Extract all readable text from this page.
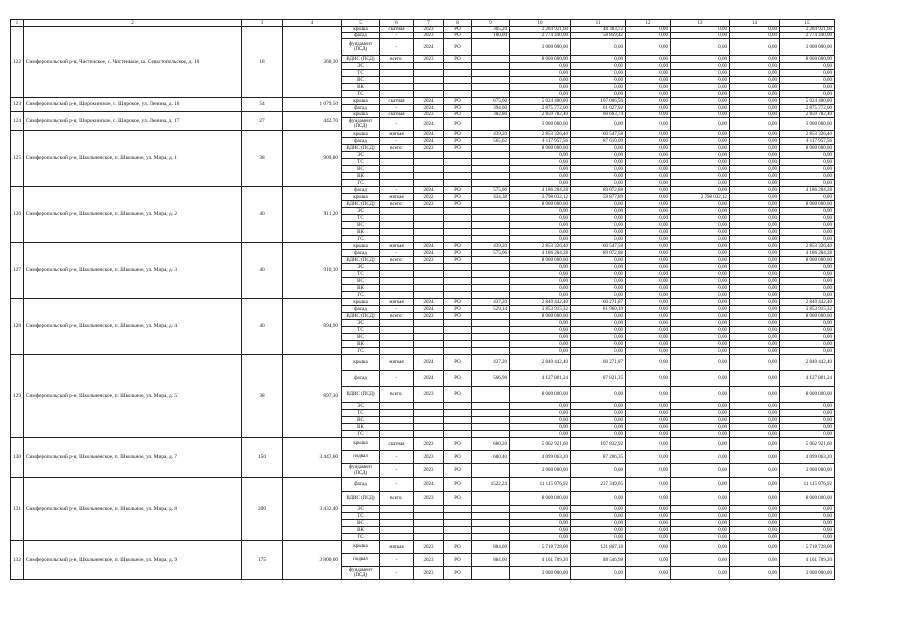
1	2	3	4	5	6	7	8	9	10	11	12	13	14	15
122	Симферопольский р-н, Чистенское, с. Чистенькое, ш. Севастопольское, д. 10	18	360,30	крыша	скатная	2023	РО	305,20	2 284 921,60	48 383,72	0,00	0,00	0,00	2 284 921,60
				фасад	-	2023	РО	180,00	2 774 440,00	58 859,42	0,00	0,00	0,00	2 774 440,00
				фундамент (ПСД)	-	2024	РО		3 000 000,00	0,00	0,00	0,00	0,00	3 000 000,00
				ВДИС (ПСД)	всего:	2023	РО		8 000 000,00	0,00	0,00	0,00	0,00	8 000 000,00
				ЭС					0,00	0,00	0,00	0,00	0,00	0,00
				ТС					0,00	0,00	0,00	0,00	0,00	0,00
				ВС					0,00	0,00	0,00	0,00	0,00	0,00
				ВК					0,00	0,00	0,00	0,00	0,00	0,00
				ГС					0,00	0,00	0,00	0,00	0,00	0,00
123	Симферопольский р-н, Широкинское, с. Широкое, ул. Ленина, д. 16	54	1 079,50	крыша	скатная	2024	РО	675,00	5 024 400,00	107 006,56	0,00	0,00	0,00	5 024 400,00
				фасад	-	2024	РО	394,00	2 875 772,00	61 027,92	0,00	0,00	0,00	2 875 772,00
124	Симферопольский р-н, Широкинское, с. Широкое, ул. Ленина, д. 17	27	442,70	крыша	скатная	2023	РО	382,80	2 859 782,40	60 683,74	0,00	0,00	0,00	2 859 782,40
				фундамент (ПСД)	-	2024	РО		3 000 000,00	0,00	0,00	0,00	0,00	3 000 000,00
125	Симферопольский р-н, Школьненское, п. Школьное, ул. Мира, д. 1	38	909,80	крыша	мягкая	2024	РО	439,20	2 853 326,40	60 547,58	0,00	0,00	0,00	2 853 326,40
				фасад	-	2024	РО	565,62	4 117 957,56	87 610,09	0,00	0,00	0,00	4 117 957,56
				ВДИС (ПСД)	всего:	2023	РО		8 000 000,00	0,00	0,00	0,00	0,00	8 000 000,00
				ЭС					0,00	0,00	0,00	0,00	0,00	0,00
				ТС					0,00	0,00	0,00	0,00	0,00	0,00
				ВС					0,00	0,00	0,00	0,00	0,00	0,00
				ВК					0,00	0,00	0,00	0,00	0,00	0,00
				ГС					0,00	0,00	0,00	0,00	0,00	0,00
126	Симферопольский р-н, Школьненское, п. Школьное, ул. Мира, д. 2	40	911,20	фасад	-	2024	РО	575,06	4 186 284,28	89 072,88	0,00	0,00	0,00	4 186 284,28
				крыша	мягкая	2022	РО	434,38	2 798 032,12	59 877,89	0,00	2 798 032,12	0,00	0,00
				ВДИС (ПСД)	всего:	2023	РО		8 000 000,00	0,00	0,00	0,00	0,00	8 000 000,00
				ЭС					0,00	0,00	0,00	0,00	0,00	0,00
				ТС					0,00	0,00	0,00	0,00	0,00	0,00
				ВС					0,00	0,00	0,00	0,00	0,00	0,00
				ВК					0,00	0,00	0,00	0,00	0,00	0,00
				ГС					0,00	0,00	0,00	0,00	0,00	0,00
127	Симферопольский р-н, Школьненское, п. Школьное, ул. Мира, д. 3	40	910,10	крыша	мягкая	2024	РО	439,20	2 853 326,40	60 547,58	0,00	0,00	0,00	2 853 326,40
				фасад	-	2024	РО	575,06	4 186 284,28	89 072,88	0,00	0,00	0,00	4 186 284,28
				ВДИС (ПСД)	всего:	2023	РО		8 000 000,00	0,00	0,00	0,00	0,00	8 000 000,00
				ЭС					0,00	0,00	0,00	0,00	0,00	0,00
				ТС					0,00	0,00	0,00	0,00	0,00	0,00
				ВС					0,00	0,00	0,00	0,00	0,00	0,00
				ВК					0,00	0,00	0,00	0,00	0,00	0,00
				ГС					0,00	0,00	0,00	0,00	0,00	0,00
128	Симферопольский р-н, Школьненское, п. Школьное, ул. Мира, д. 4	40	894,90	крыша	мягкая	2024	РО	437,20	2 840 442,40	60 271,87	0,00	0,00	0,00	2 840 442,40
				фасад	-	2024	РО	529,14	3 853 915,32	81 960,19	0,00	0,00	0,00	3 853 915,32
				ВДИС (ПСД)	всего:	2023	РО		8 000 000,00	0,00	0,00	0,00	0,00	8 000 000,00
				ЭС					0,00	0,00	0,00	0,00	0,00	0,00
				ТС					0,00	0,00	0,00	0,00	0,00	0,00
				ВС					0,00	0,00	0,00	0,00	0,00	0,00
				ВК					0,00	0,00	0,00	0,00	0,00	0,00
				ГС					0,00	0,00	0,00	0,00	0,00	0,00
129	Симферопольский р-н, Школьненское, п. Школьное, ул. Мира, д. 5	38	897,30	крыша	мягкая	2024	РО	437,20	2 840 442,40	60 271,87	0,00	0,00	0,00	2 840 442,40
				фасад	-	2024	РО	566,98	4 127 801,24	87 821,35	0,00	0,00	0,00	4 127 801,24
				ВДИС (ПСД)	всего:	2023	РО		8 000 000,00	0,00	0,00	0,00	0,00	8 000 000,00
				ЭС					0,00	0,00	0,00	0,00	0,00	0,00
				ТС					0,00	0,00	0,00	0,00	0,00	0,00
				ВС					0,00	0,00	0,00	0,00	0,00	0,00
				ВК					0,00	0,00	0,00	0,00	0,00	0,00
				ГС					0,00	0,00	0,00	0,00	0,00	0,00
130	Симферопольский р-н, Школьненское, п. Школьное, ул. Мира, д. 7	150	3 447,60	крыша	скатная	2023	РО	680,20	5 062 921,60	107 832,92	0,00	0,00	0,00	5 062 921,60
				подвал	-	2023	РО	680,40	4 099 063,20	87 206,35	0,00	0,00	0,00	4 099 063,20
				фундамент (ПСД)	-	2023	РО		3 000 000,00	0,00	0,00	0,00	0,00	3 000 000,00
131	Симферопольский р-н, Школьненское, п. Школьное, ул. Мира, д. 8	200	3 432,40	фасад	-	2024	РО	1522,24	11 115 076,92	237 349,05	0,00	0,00	0,00	11 115 076,92
				ВДИС (ПСД)	всего:	2023	РО		8 000 000,00	0,00	0,00	0,00	0,00	8 000 000,00
				ЭС					0,00	0,00	0,00	0,00	0,00	0,00
				ТС					0,00	0,00	0,00	0,00	0,00	0,00
				ВС					0,00	0,00	0,00	0,00	0,00	0,00
				ВК					0,00	0,00	0,00	0,00	0,00	0,00
				ГС					0,00	0,00	0,00	0,00	0,00	0,00
132	Симферопольский р-н, Школьненское, п. Школьное, ул. Мира, д. 9	175	3 800,60	крыша	мягкая	2023	РО	884,00	5 718 728,00	121 867,18	0,00	0,00	0,00	5 718 728,00
				подвал	-	2023	РО	884,00	4 161 709,20	88 546,98	0,00	0,00	0,00	4 161 709,20
				фундамент (ПСД)	-	2023	РО		3 000 000,00	0,00	0,00	0,00	0,00	3 000 000,00
